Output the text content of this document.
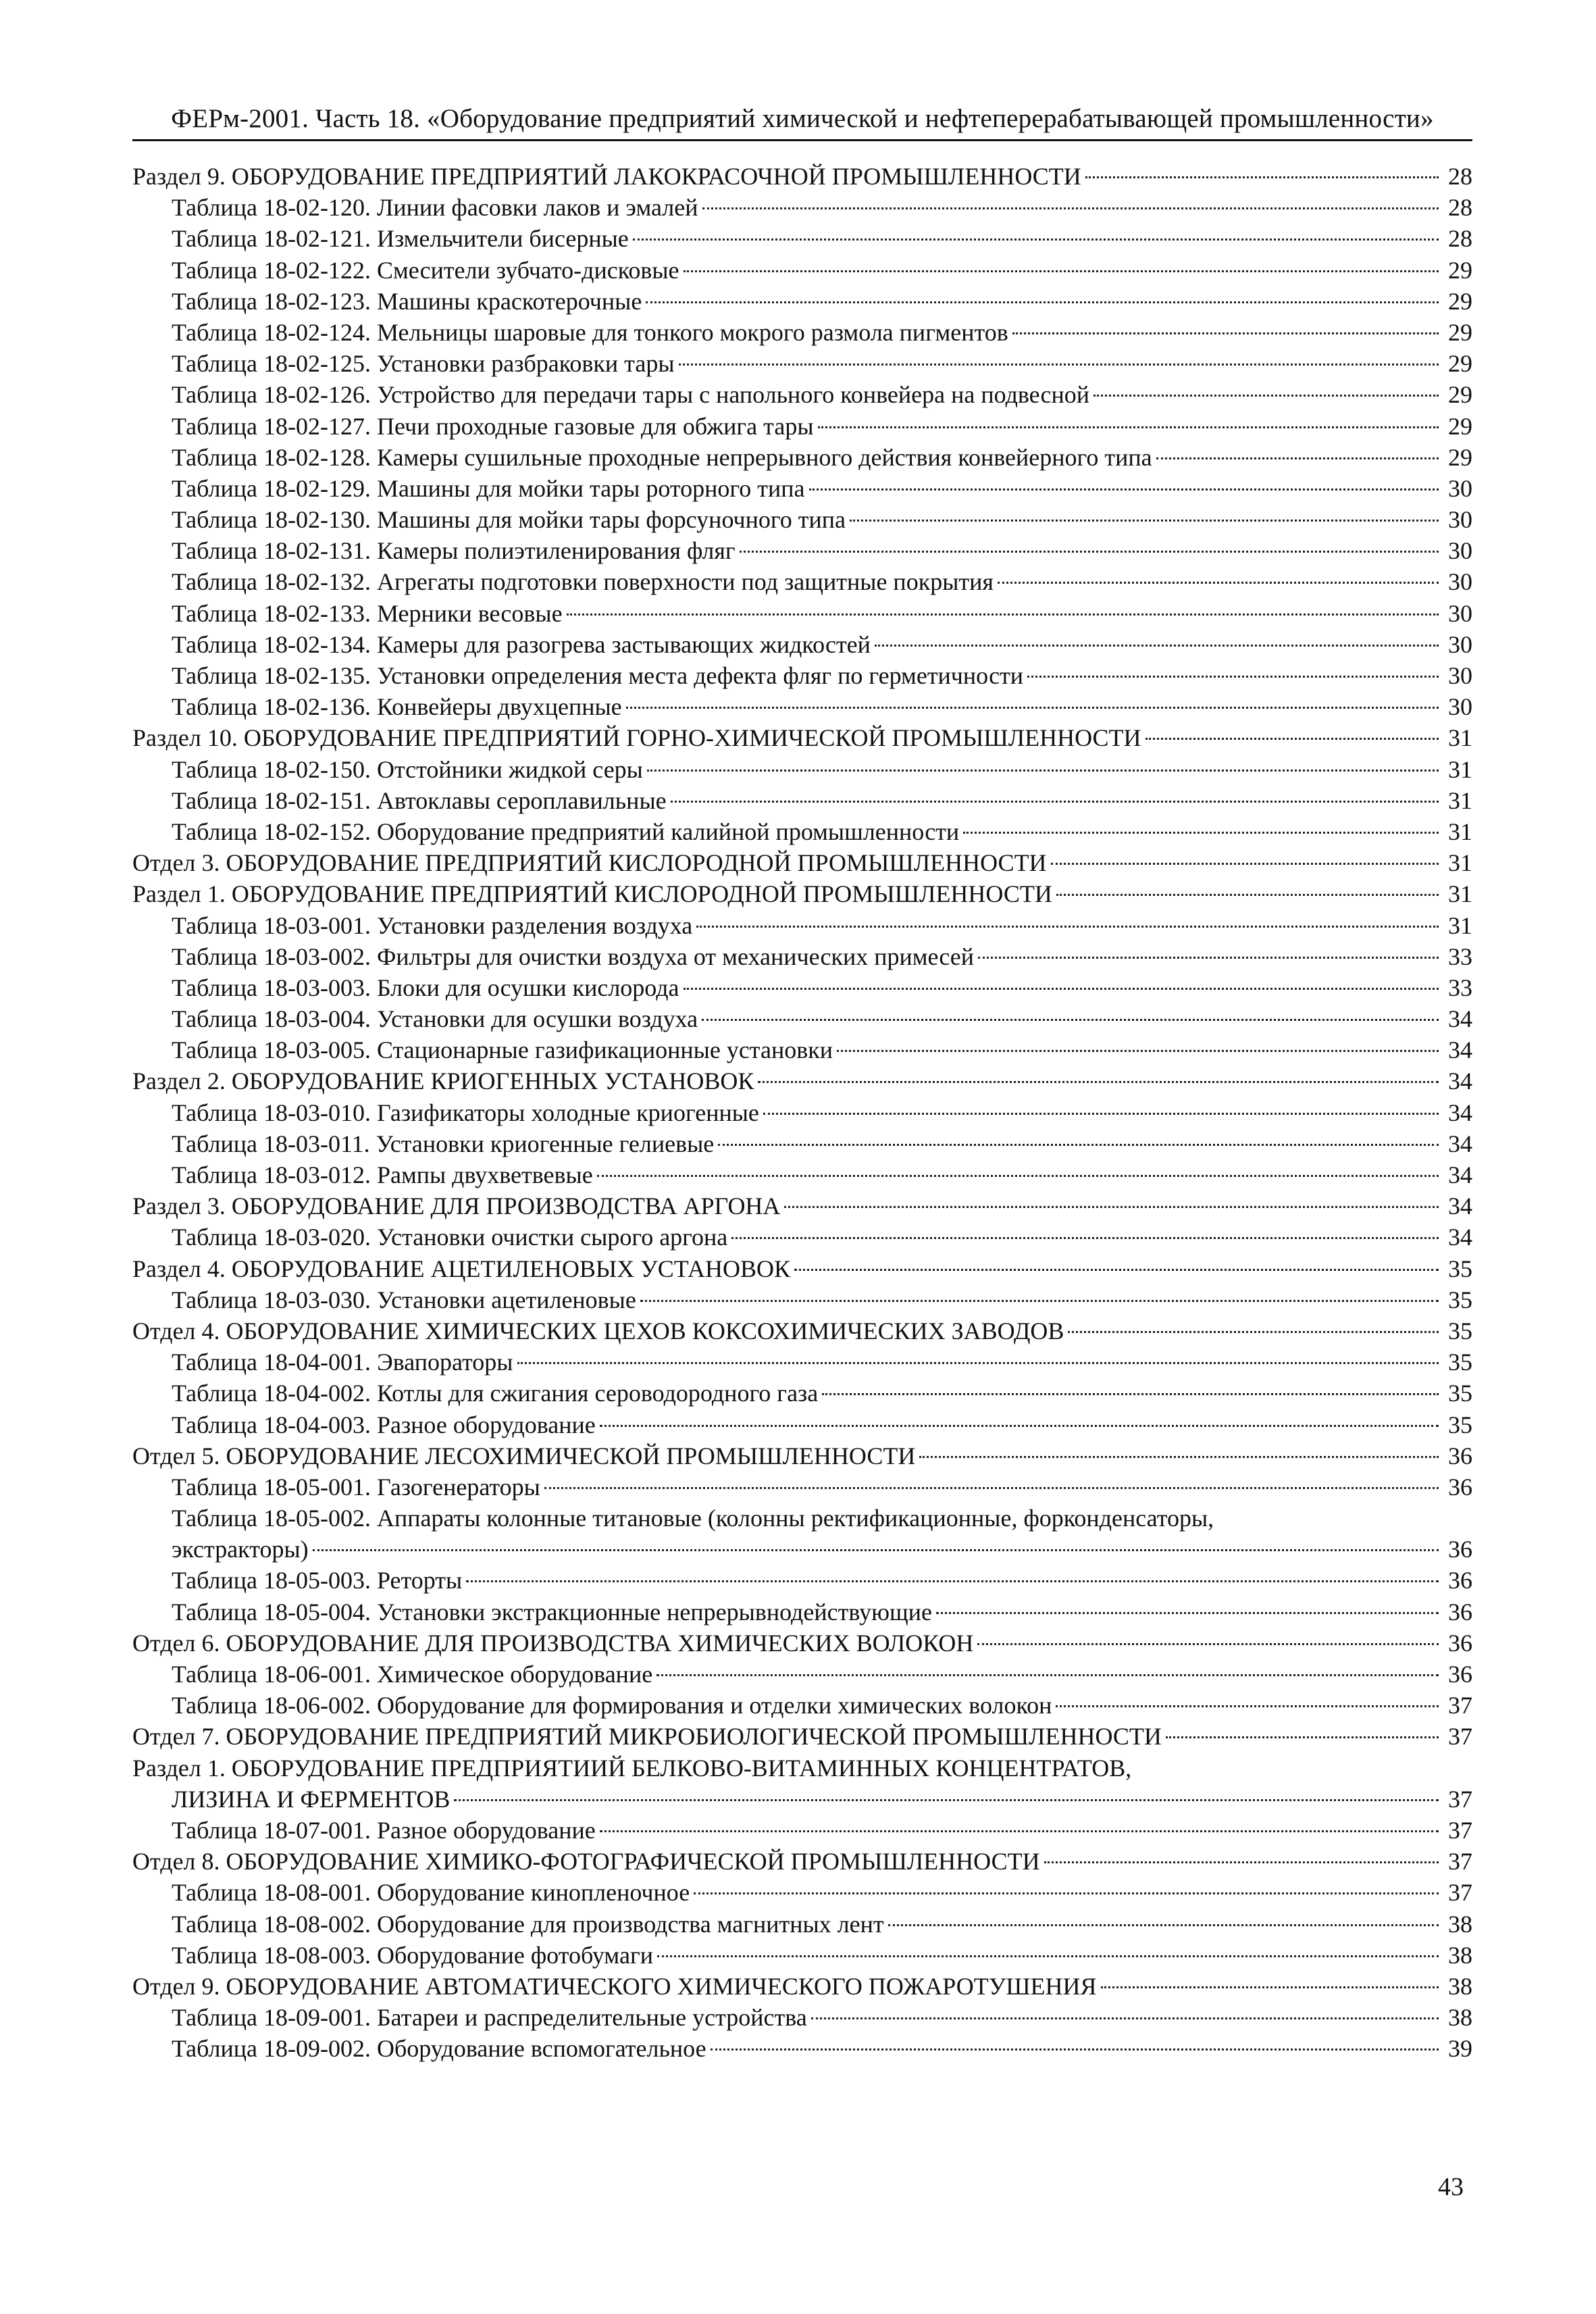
ФЕРм-2001. Часть 18. «Оборудование предприятий химической и нефтеперерабатывающей промышленности»
Раздел 9. ОБОРУДОВАНИЕ ПРЕДПРИЯТИЙ ЛАКОКРАСОЧНОЙ ПРОМЫШЛЕННОСТИ	28
Таблица 18-02-120. Линии фасовки лаков и эмалей	28
Таблица 18-02-121. Измельчители бисерные	28
Таблица 18-02-122. Смесители зубчато-дисковые	29
Таблица 18-02-123. Машины краскотерочные	29
Таблица 18-02-124. Мельницы шаровые для тонкого мокрого размола пигментов	29
Таблица 18-02-125. Установки разбраковки тары	29
Таблица 18-02-126. Устройство для передачи тары с напольного конвейера на подвесной	29
Таблица 18-02-127. Печи проходные газовые для обжига тары	29
Таблица 18-02-128. Камеры сушильные проходные непрерывного действия конвейерного типа	29
Таблица 18-02-129. Машины для мойки тары роторного типа	30
Таблица 18-02-130. Машины для мойки тары форсуночного типа	30
Таблица 18-02-131. Камеры полиэтиленирования фляг	30
Таблица 18-02-132. Агрегаты подготовки поверхности под защитные покрытия	30
Таблица 18-02-133. Мерники весовые	30
Таблица 18-02-134. Камеры для разогрева застывающих жидкостей	30
Таблица 18-02-135. Установки определения места дефекта фляг по герметичности	30
Таблица 18-02-136. Конвейеры двухцепные	30
Раздел 10. ОБОРУДОВАНИЕ ПРЕДПРИЯТИЙ ГОРНО-ХИМИЧЕСКОЙ ПРОМЫШЛЕННОСТИ	31
Таблица 18-02-150. Отстойники жидкой серы	31
Таблица 18-02-151. Автоклавы сероплавильные	31
Таблица 18-02-152. Оборудование предприятий калийной промышленности	31
Отдел 3. ОБОРУДОВАНИЕ ПРЕДПРИЯТИЙ КИСЛОРОДНОЙ ПРОМЫШЛЕННОСТИ	31
Раздел 1. ОБОРУДОВАНИЕ ПРЕДПРИЯТИЙ КИСЛОРОДНОЙ ПРОМЫШЛЕННОСТИ	31
Таблица 18-03-001. Установки разделения воздуха	31
Таблица 18-03-002. Фильтры для очистки воздуха от механических примесей	33
Таблица 18-03-003. Блоки для осушки кислорода	33
Таблица 18-03-004. Установки для осушки воздуха	34
Таблица 18-03-005. Стационарные газификационные установки	34
Раздел 2. ОБОРУДОВАНИЕ КРИОГЕННЫХ УСТАНОВОК	34
Таблица 18-03-010. Газификаторы холодные криогенные	34
Таблица 18-03-011. Установки криогенные гелиевые	34
Таблица 18-03-012. Рампы двухветвевые	34
Раздел 3. ОБОРУДОВАНИЕ ДЛЯ ПРОИЗВОДСТВА АРГОНА	34
Таблица 18-03-020. Установки очистки сырого аргона	34
Раздел 4. ОБОРУДОВАНИЕ АЦЕТИЛЕНОВЫХ УСТАНОВОК	35
Таблица 18-03-030. Установки ацетиленовые	35
Отдел 4. ОБОРУДОВАНИЕ ХИМИЧЕСКИХ ЦЕХОВ КОКСОХИМИЧЕСКИХ ЗАВОДОВ	35
Таблица 18-04-001. Эвапораторы	35
Таблица 18-04-002. Котлы для сжигания сероводородного газа	35
Таблица 18-04-003. Разное оборудование	35
Отдел 5. ОБОРУДОВАНИЕ ЛЕСОХИМИЧЕСКОЙ ПРОМЫШЛЕННОСТИ	36
Таблица 18-05-001. Газогенераторы	36
Таблица 18-05-002. Аппараты колонные титановые (колонны ректификационные, форконденсаторы,
экстракторы)	36
Таблица 18-05-003. Реторты	36
Таблица 18-05-004. Установки экстракционные непрерывнодействующие	36
Отдел 6. ОБОРУДОВАНИЕ ДЛЯ ПРОИЗВОДСТВА ХИМИЧЕСКИХ ВОЛОКОН	36
Таблица 18-06-001. Химическое оборудование	36
Таблица 18-06-002. Оборудование для формирования и отделки химических волокон	37
Отдел 7. ОБОРУДОВАНИЕ ПРЕДПРИЯТИЙ МИКРОБИОЛОГИЧЕСКОЙ ПРОМЫШЛЕННОСТИ	37
Раздел 1. ОБОРУДОВАНИЕ ПРЕДПРИЯТИИЙ БЕЛКОВО-ВИТАМИННЫХ КОНЦЕНТРАТОВ,
ЛИЗИНА И ФЕРМЕНТОВ	37
Таблица 18-07-001. Разное оборудование	37
Отдел 8. ОБОРУДОВАНИЕ ХИМИКО-ФОТОГРАФИЧЕСКОЙ ПРОМЫШЛЕННОСТИ	37
Таблица 18-08-001. Оборудование кинопленочное	37
Таблица 18-08-002. Оборудование для производства магнитных лент	38
Таблица 18-08-003. Оборудование фотобумаги	38
Отдел 9. ОБОРУДОВАНИЕ АВТОМАТИЧЕСКОГО ХИМИЧЕСКОГО ПОЖАРОТУШЕНИЯ	38
Таблица 18-09-001. Батареи и распределительные устройства	38
Таблица 18-09-002. Оборудование вспомогательное	39
43
